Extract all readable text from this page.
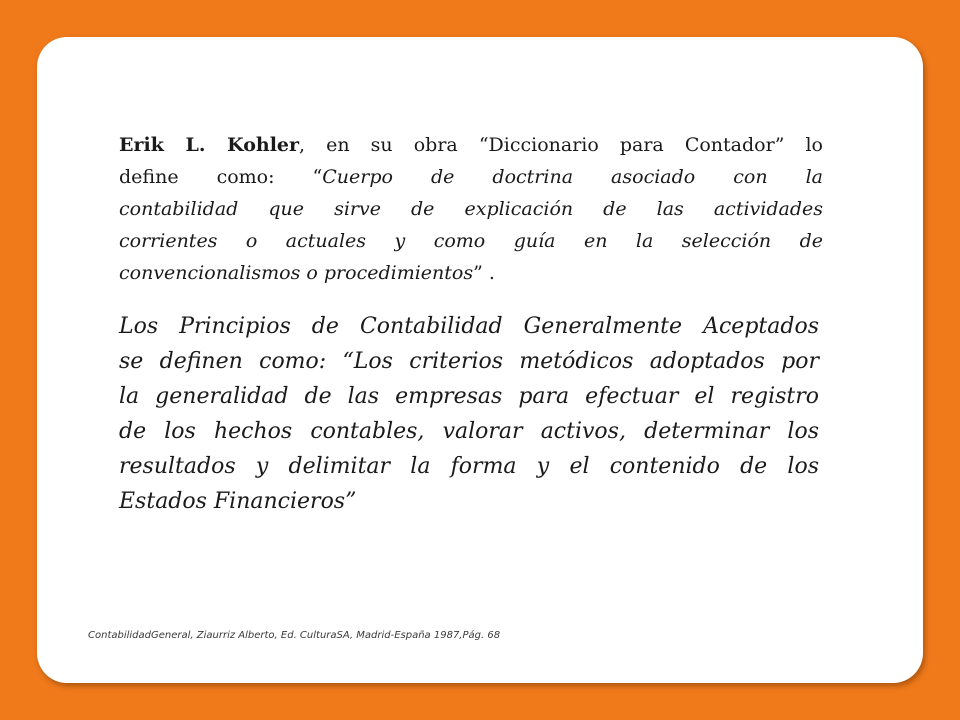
Erik L. Kohler, en su obra “Diccionario para Contador” lo
define como: “Cuerpo de doctrina asociado con la
contabilidad que sirve de explicación de las actividades
corrientes o actuales y como guía en la selección de
convencionalismos o procedimientos” .
Los Principios de Contabilidad Generalmente Aceptados
se definen como: “Los criterios metódicos adoptados por
la generalidad de las empresas para efectuar el registro
de los hechos contables, valorar activos, determinar los
resultados y delimitar la forma y el contenido de los
Estados Financieros”
ContabilidadGeneral, Ziaurriz Alberto, Ed. CulturaSA, Madrid-España 1987,Pág. 68
